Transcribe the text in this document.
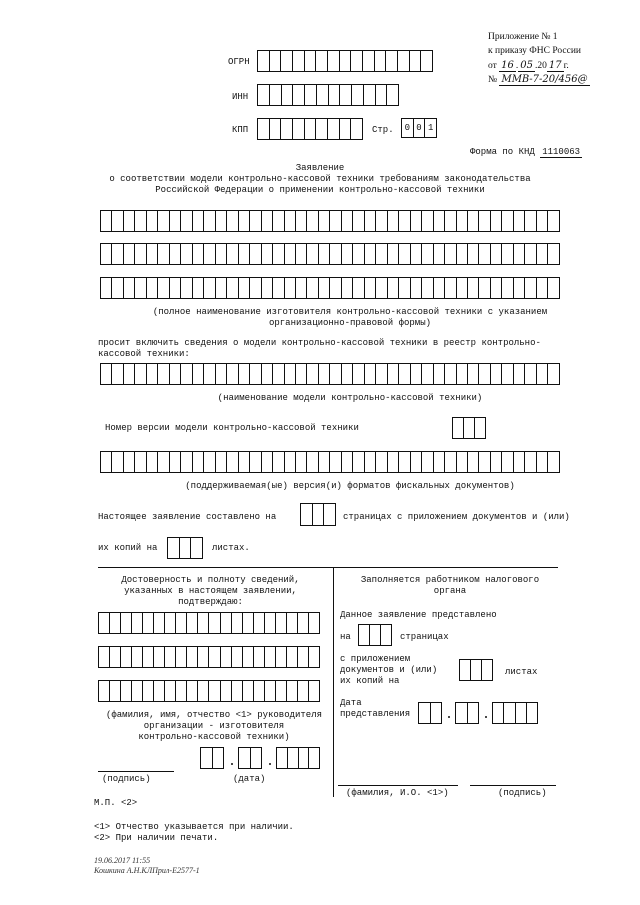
Приложение № 1
к приказу ФНС России
от 16 . 05 .20 17 г.
№ ММВ-7-20/456@
ОГРН
ИНН
КПП	Стр. 0 0 1
Форма по КНД 1110063
Заявление
о соответствии модели контрольно-кассовой техники требованиям законодательства
Российской Федерации о применении контрольно-кассовой техники
(полное наименование изготовителя контрольно-кассовой техники с указанием
организационно-правовой формы)
просит включить сведения о модели контрольно-кассовой техники в реестр контрольно-
кассовой техники:
(наименование модели контрольно-кассовой техники)
Номер версии модели контрольно-кассовой техники
(поддерживаемая(ые) версия(и) форматов фискальных документов)
Настоящее заявление составлено на	страницах с приложением документов и (или)
их копий на	листах.
Достоверность и полноту сведений,
указанных в настоящем заявлении,
подтверждаю:
(фамилия, имя, отчество <1> руководителя
организации - изготовителя
контрольно-кассовой техники)
(подпись)	(дата)
Заполняется работником налогового
органа
Данное заявление представлено
на	страницах
с приложением
документов и (или)
их копий на
листах
Дата
представления
(фамилия, И.О. <1>)	(подпись)
М.П. <2>
<1> Отчество указывается при наличии.
<2> При наличии печати.
19.06.2017 11:55
Кошкина А.Н.КЛПрил-Е2577-1
